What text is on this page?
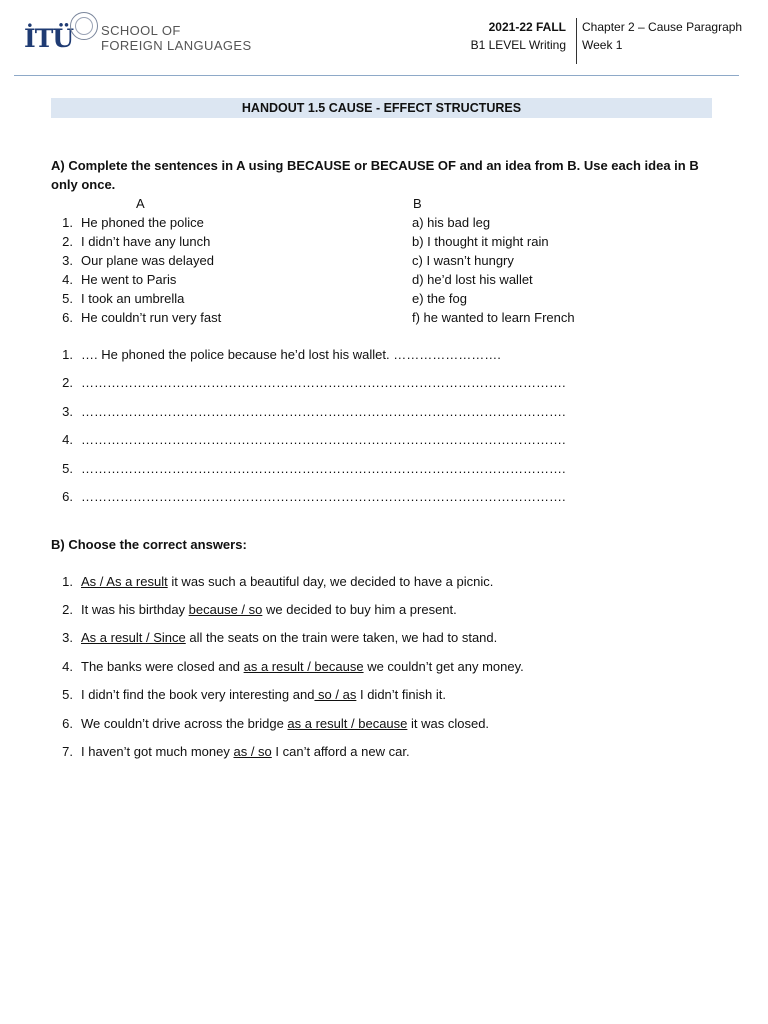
İTÜ SCHOOL OF
FOREIGN LANGUAGES
2021-22 FALL
B1 LEVEL Writing
Chapter 2 – Cause Paragraph
Week 1
HANDOUT 1.5 CAUSE - EFFECT STRUCTURES
A) Complete the sentences in A using BECAUSE or BECAUSE OF and an idea from B. Use each idea in B
only once.
A	B
1. He phoned the police
2. I didn’t have any lunch
3. Our plane was delayed
4. He went to Paris
5. I took an umbrella
6. He couldn’t run very fast
a) his bad leg
b) I thought it might rain
c) I wasn’t hungry
d) he’d lost his wallet
e) the fog
f) he wanted to learn French
1. …. He phoned the police because he’d lost his wallet. …………………….
2. ………………………………………………………………………………………………….
3. ………………………………………………………………………………………………….
4. ………………………………………………………………………………………………….
5. ………………………………………………………………………………………………….
6. ………………………………………………………………………………………………….
B) Choose the correct answers:
1. As / As a result it was such a beautiful day, we decided to have a picnic.
2. It was his birthday because / so we decided to buy him a present.
3. As a result / Since all the seats on the train were taken, we had to stand.
4. The banks were closed and as a result / because we couldn’t get any money.
5. I didn’t find the book very interesting and so / as I didn’t finish it.
6. We couldn’t drive across the bridge as a result / because it was closed.
7. I haven’t got much money as / so I can’t afford a new car.
